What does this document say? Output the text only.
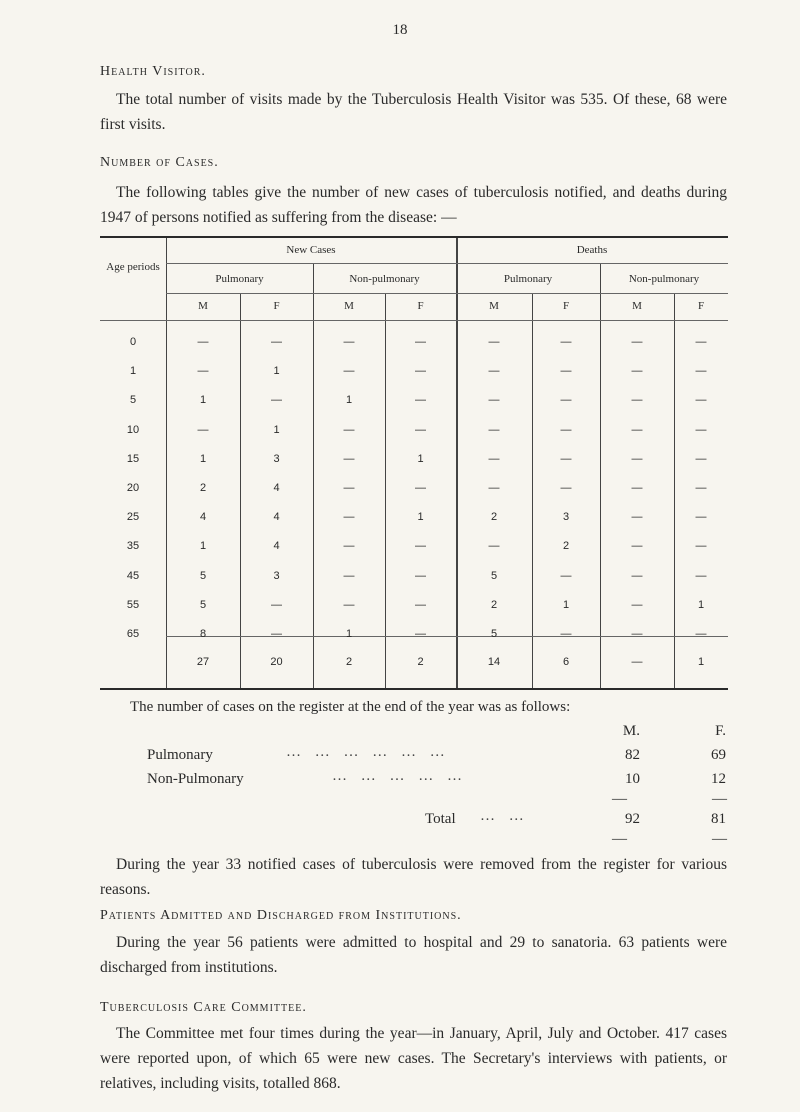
18
Health Visitor.
The total number of visits made by the Tuberculosis Health Visitor was 535. Of these, 68 were first visits.
Number of Cases.
The following tables give the number of new cases of tuberculosis notified, and deaths during 1947 of persons notified as suffering from the disease: —
Age periods
New Cases	Deaths
Pulmonary	Non-pulmonary	Pulmonary	Non-pulmonary
M	F	M	F	M	F	M	F
0	—	—	—	—	—	—	—	—
1	—	1	—	—	—	—	—	—
5	1	—	1	—	—	—	—	—
10	—	1	—	—	—	—	—	—
15	1	3	—	1	—	—	—	—
20	2	4	—	—	—	—	—	—
25	4	4	—	1	2	3	—	—
35	1	4	—	—	—	2	—	—
45	5	3	—	—	5	—	—	—
55	5	—	—	—	2	1	—	1
65	8	—	1	—	5	—	—	—
27	20	2	2	14	6	—	1
The number of cases on the register at the end of the year was as follows:
M.	F.
Pulmonary	… … … … … …	82	69
Non-Pulmonary	… … … … …	10	12
—	—
Total … …	92	81
—	—
During the year 33 notified cases of tuberculosis were removed from the register for various reasons.
Patients Admitted and Discharged from Institutions.
During the year 56 patients were admitted to hospital and 29 to sanatoria. 63 patients were discharged from institutions.
Tuberculosis Care Committee.
The Committee met four times during the year—in January, April, July and October. 417 cases were reported upon, of which 65 were new cases. The Secretary's interviews with patients, or relatives, including visits, totalled 868.
